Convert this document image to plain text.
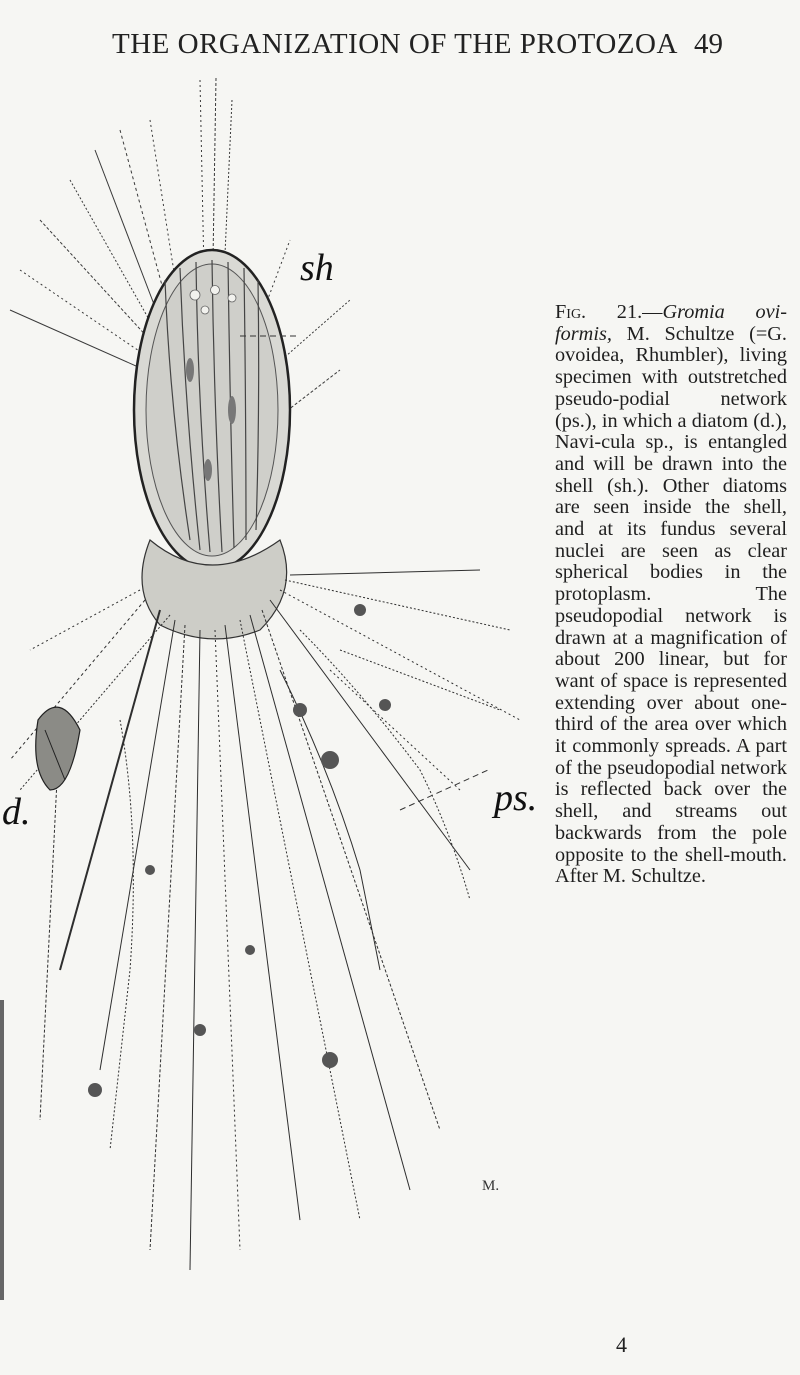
THE ORGANIZATION OF THE PROTOZOA 49
sh
d.	ps.
M.
Fig. 21.—Gromia ovi-formis, M. Schultze (=G. ovoidea, Rhumbler), living specimen with outstretched pseudo-podial network (ps.), in which a diatom (d.), Navi-cula sp., is entangled and will be drawn into the shell (sh.). Other diatoms are seen inside the shell, and at its fundus several nuclei are seen as clear spherical bodies in the protoplasm. The pseudopodial network is drawn at a magnification of about 200 linear, but for want of space is represented extending over about one-third of the area over which it commonly spreads. A part of the pseudopodial network is reflected back over the shell, and streams out backwards from the pole opposite to the shell-mouth. After M. Schultze.
4
